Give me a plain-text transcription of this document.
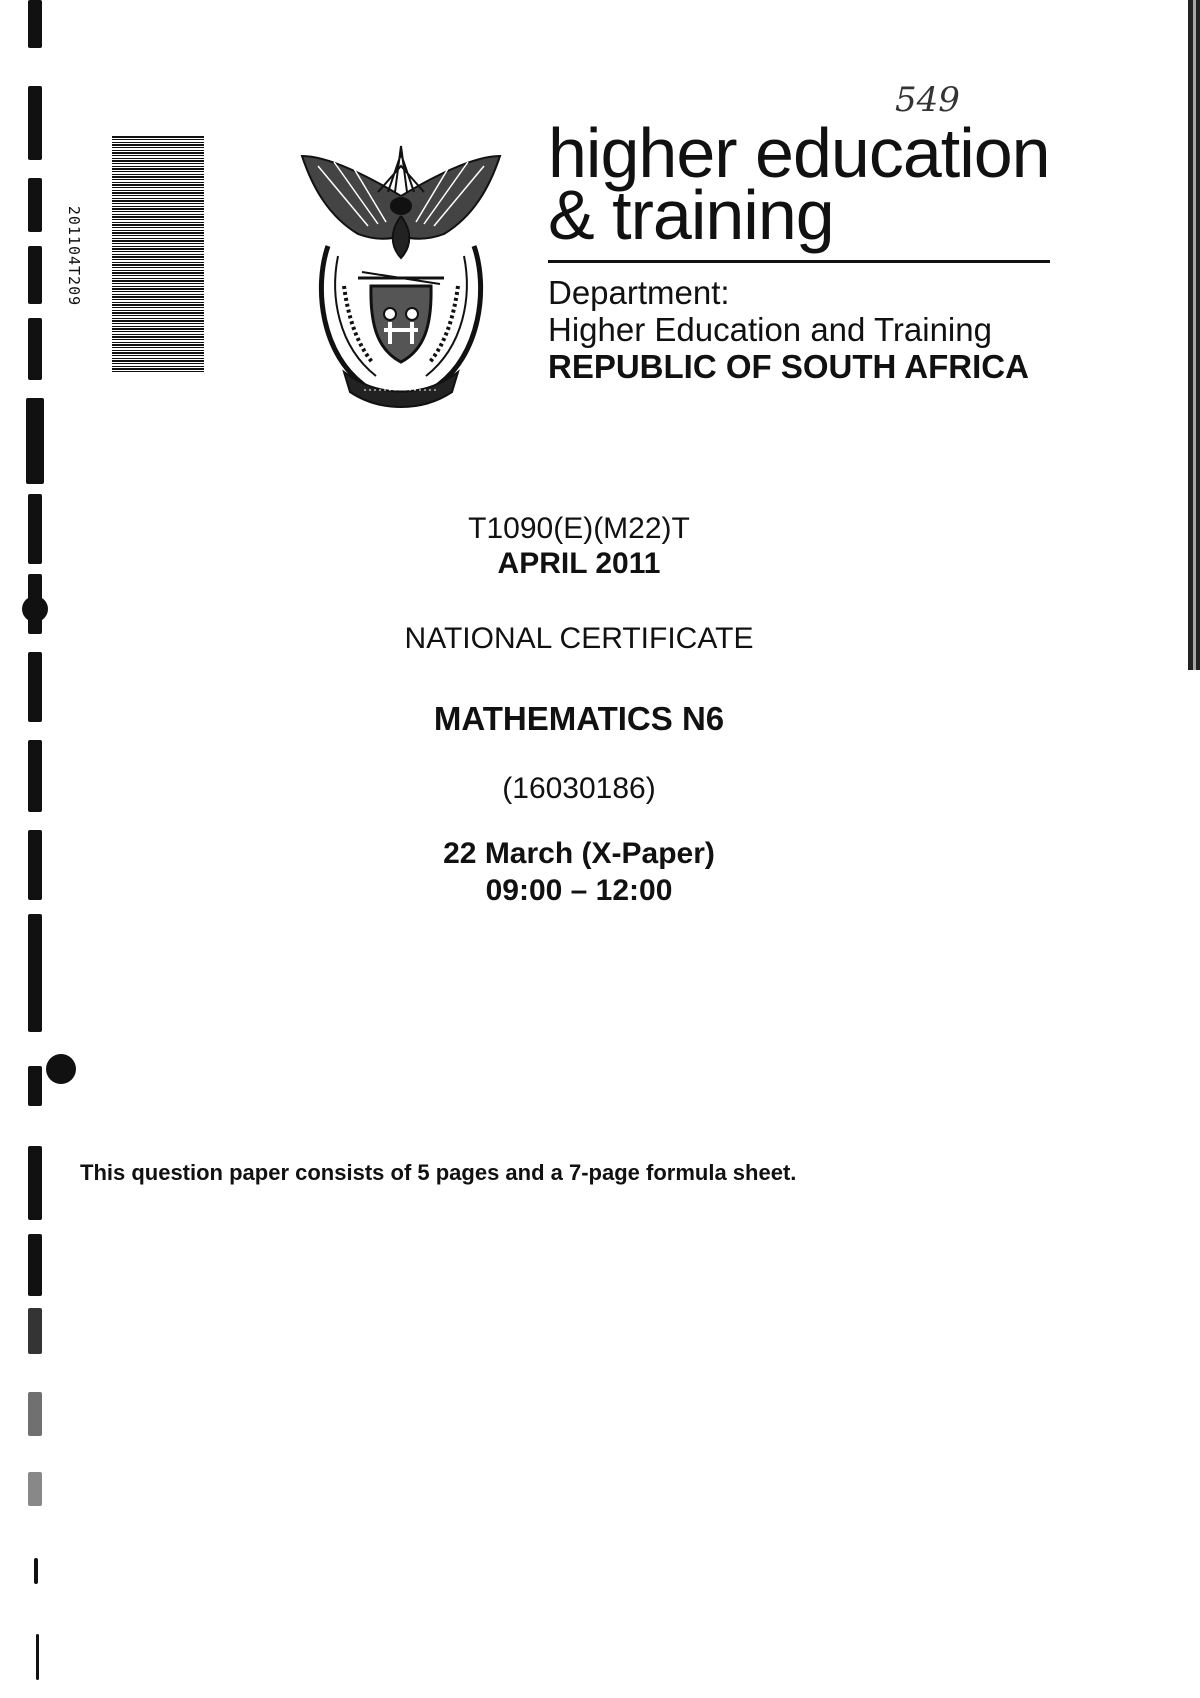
201104T209
549
higher education
& training
Department:
Higher Education and Training
REPUBLIC OF SOUTH AFRICA
T1090(E)(M22)T
APRIL 2011
NATIONAL CERTIFICATE
MATHEMATICS N6
(16030186)
22 March (X-Paper)
09:00 – 12:00
This question paper consists of 5 pages and a 7-page formula sheet.
